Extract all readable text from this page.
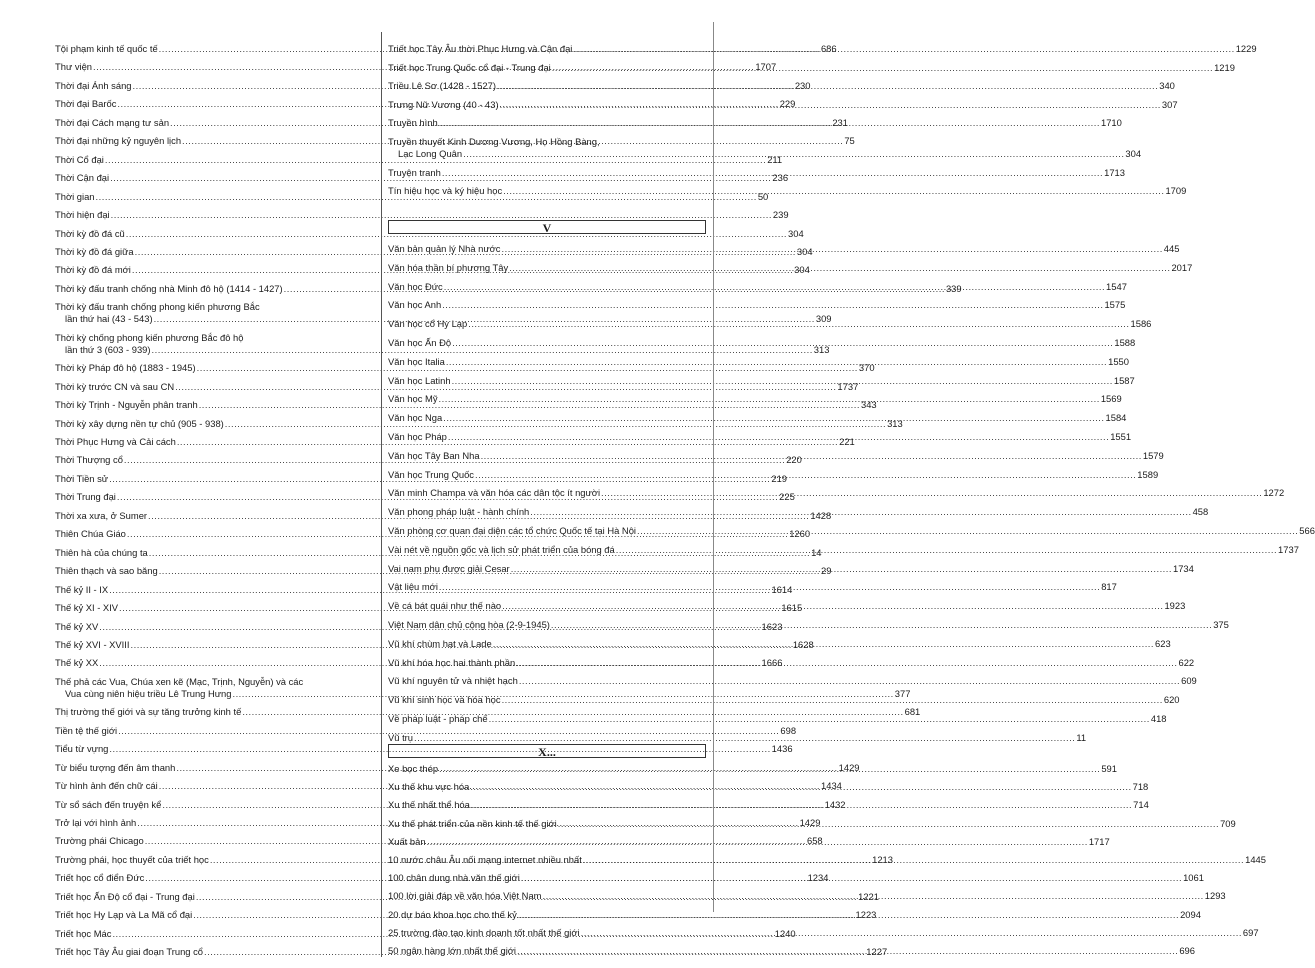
Tội phạm kinh tế quốc tế .....	686
Thư viện .....	1707
Thời đại Ánh sáng .....	230
Thời đại Barốc .....	229
Thời đại Cách mạng tư sản .....	231
Thời đại những kỷ nguyên lịch .....	75
Thời Cổ đại .....	211
Thời Cận đại .....	236
Thời gian .....	50
Thời hiện đại .....	239
Thời kỳ đồ đá cũ .....	304
Thời kỳ đồ đá giữa .....	304
Thời kỳ đồ đá mới .....	304
Thời kỳ đấu tranh chống nhà Minh đô hộ (1414 - 1427) .....	339
Thời kỳ đấu tranh chống phong kiến phương Bắc
lần thứ hai (43 - 543) .....	309
Thời kỳ chống phong kiến phương Bắc đô hộ
lần thứ 3 (603 - 939) .....	313
Thời kỳ Pháp đô hộ (1883 - 1945) .....	370
Thời kỳ trước CN và sau CN .....	1737
Thời kỳ Trịnh - Nguyễn phân tranh .....	343
Thời kỳ xây dựng nền tự chủ (905 - 938) .....	313
Thời Phục Hưng và Cải cách .....	221
Thời Thượng cổ .....	220
Thời Tiền sử .....	219
Thời Trung đại .....	225
Thời xa xưa, ở Sumer .....	1428
Thiên Chúa Giáo .....	1260
Thiên hà của chúng ta .....	14
Thiên thạch và sao băng .....	29
Thế kỷ II - IX .....	1614
Thế kỷ XI - XIV .....	1615
Thế kỷ XV .....	1623
Thế kỷ XVI - XVIII .....	1628
Thế kỷ XX .....	1666
Thế phả các Vua, Chúa xen kẽ (Mạc, Trịnh, Nguyễn) và các
Vua cùng niên hiệu triều Lê Trung Hưng .....	377
Thị trường thế giới và sự tăng trưởng kinh tế .....	681
Tiền tệ thế giới .....	698
Tiểu từ vựng .....	1436
Từ biểu tượng đến âm thanh .....	1429
Từ hình ảnh đến chữ cái .....	1434
Từ sổ sách đến truyện kể .....	1432
Trở lại với hình ảnh .....	1429
Trường phái Chicago .....	658
Trường phái, học thuyết của triết học .....	1213
Triết học cổ điển Đức .....	1234
Triết học Ấn Độ cổ đại - Trung đại .....	1221
Triết học Hy Lạp và La Mã cổ đại .....	1223
Triết học Mác .....	1240
Triết học Tây Âu giai đoạn Trung cổ .....	1227
V
X...
Triết học Tây Âu thời Phục Hưng và Cận đại .....	1229
Triết học Trung Quốc cổ đại - Trung đại .....	1219
Triều Lê Sơ (1428 - 1527) .....	340
Trưng Nữ Vương (40 - 43) .....	307
Truyền hình .....	1710
Truyền thuyết Kinh Dương Vương, Họ Hồng Bàng,
Lạc Long Quân .....	304
Truyện tranh .....	1713
Tín hiệu học và ký hiệu học .....	1709
Văn bản quản lý Nhà nước .....	445
Văn hóa thần bí phương Tây .....	2017
Văn học Đức .....	1547
Văn học Anh .....	1575
Văn học cổ Hy Lạp .....	1586
Văn học Ấn Độ .....	1588
Văn học Italia .....	1550
Văn học Latinh .....	1587
Văn học Mỹ .....	1569
Văn học Nga .....	1584
Văn học Pháp .....	1551
Văn học Tây Ban Nha .....	1579
Văn học Trung Quốc .....	1589
Văn minh Champa và văn hóa các dân tộc ít người .....	1272
Văn phong pháp luật - hành chính .....	458
Văn phòng cơ quan đại diện các tổ chức Quốc tế tại Hà Nội .....	566
Vài nét về nguồn gốc và lịch sử phát triển của bóng đá .....	1737
Vai nam phụ được giải Cesar .....	1734
Vật liệu mới .....	817
Về cá bát quái như thế nào .....	1923
Việt Nam dân chủ cộng hòa (2-9-1945) .....	375
Vũ khí chùm hạt và Lade .....	623
Vũ khí hóa học hai thành phần .....	622
Vũ khí nguyên tử và nhiệt hạch .....	609
Vũ khí sinh học và hóa học .....	620
Về pháp luật - pháp chế .....	418
Vũ trụ .....	11
Xe bọc thép .....	591
Xu thế khu vực hóa .....	718
Xu thế nhất thể hóa .....	714
Xu thế phát triển của nền kinh tế thế giới .....	709
Xuất bản .....	1717
10 nước châu Âu nối mạng internet nhiều nhất .....	1445
100 chân dung nhà văn thế giới .....	1061
100 lời giải đáp về văn hóa Việt Nam .....	1293
20 dự báo khoa học cho thế kỷ .....	2094
25 trường đào tạo kinh doanh tốt nhất thế giới .....	697
50 ngân hàng lớn nhất thế giới .....	696
